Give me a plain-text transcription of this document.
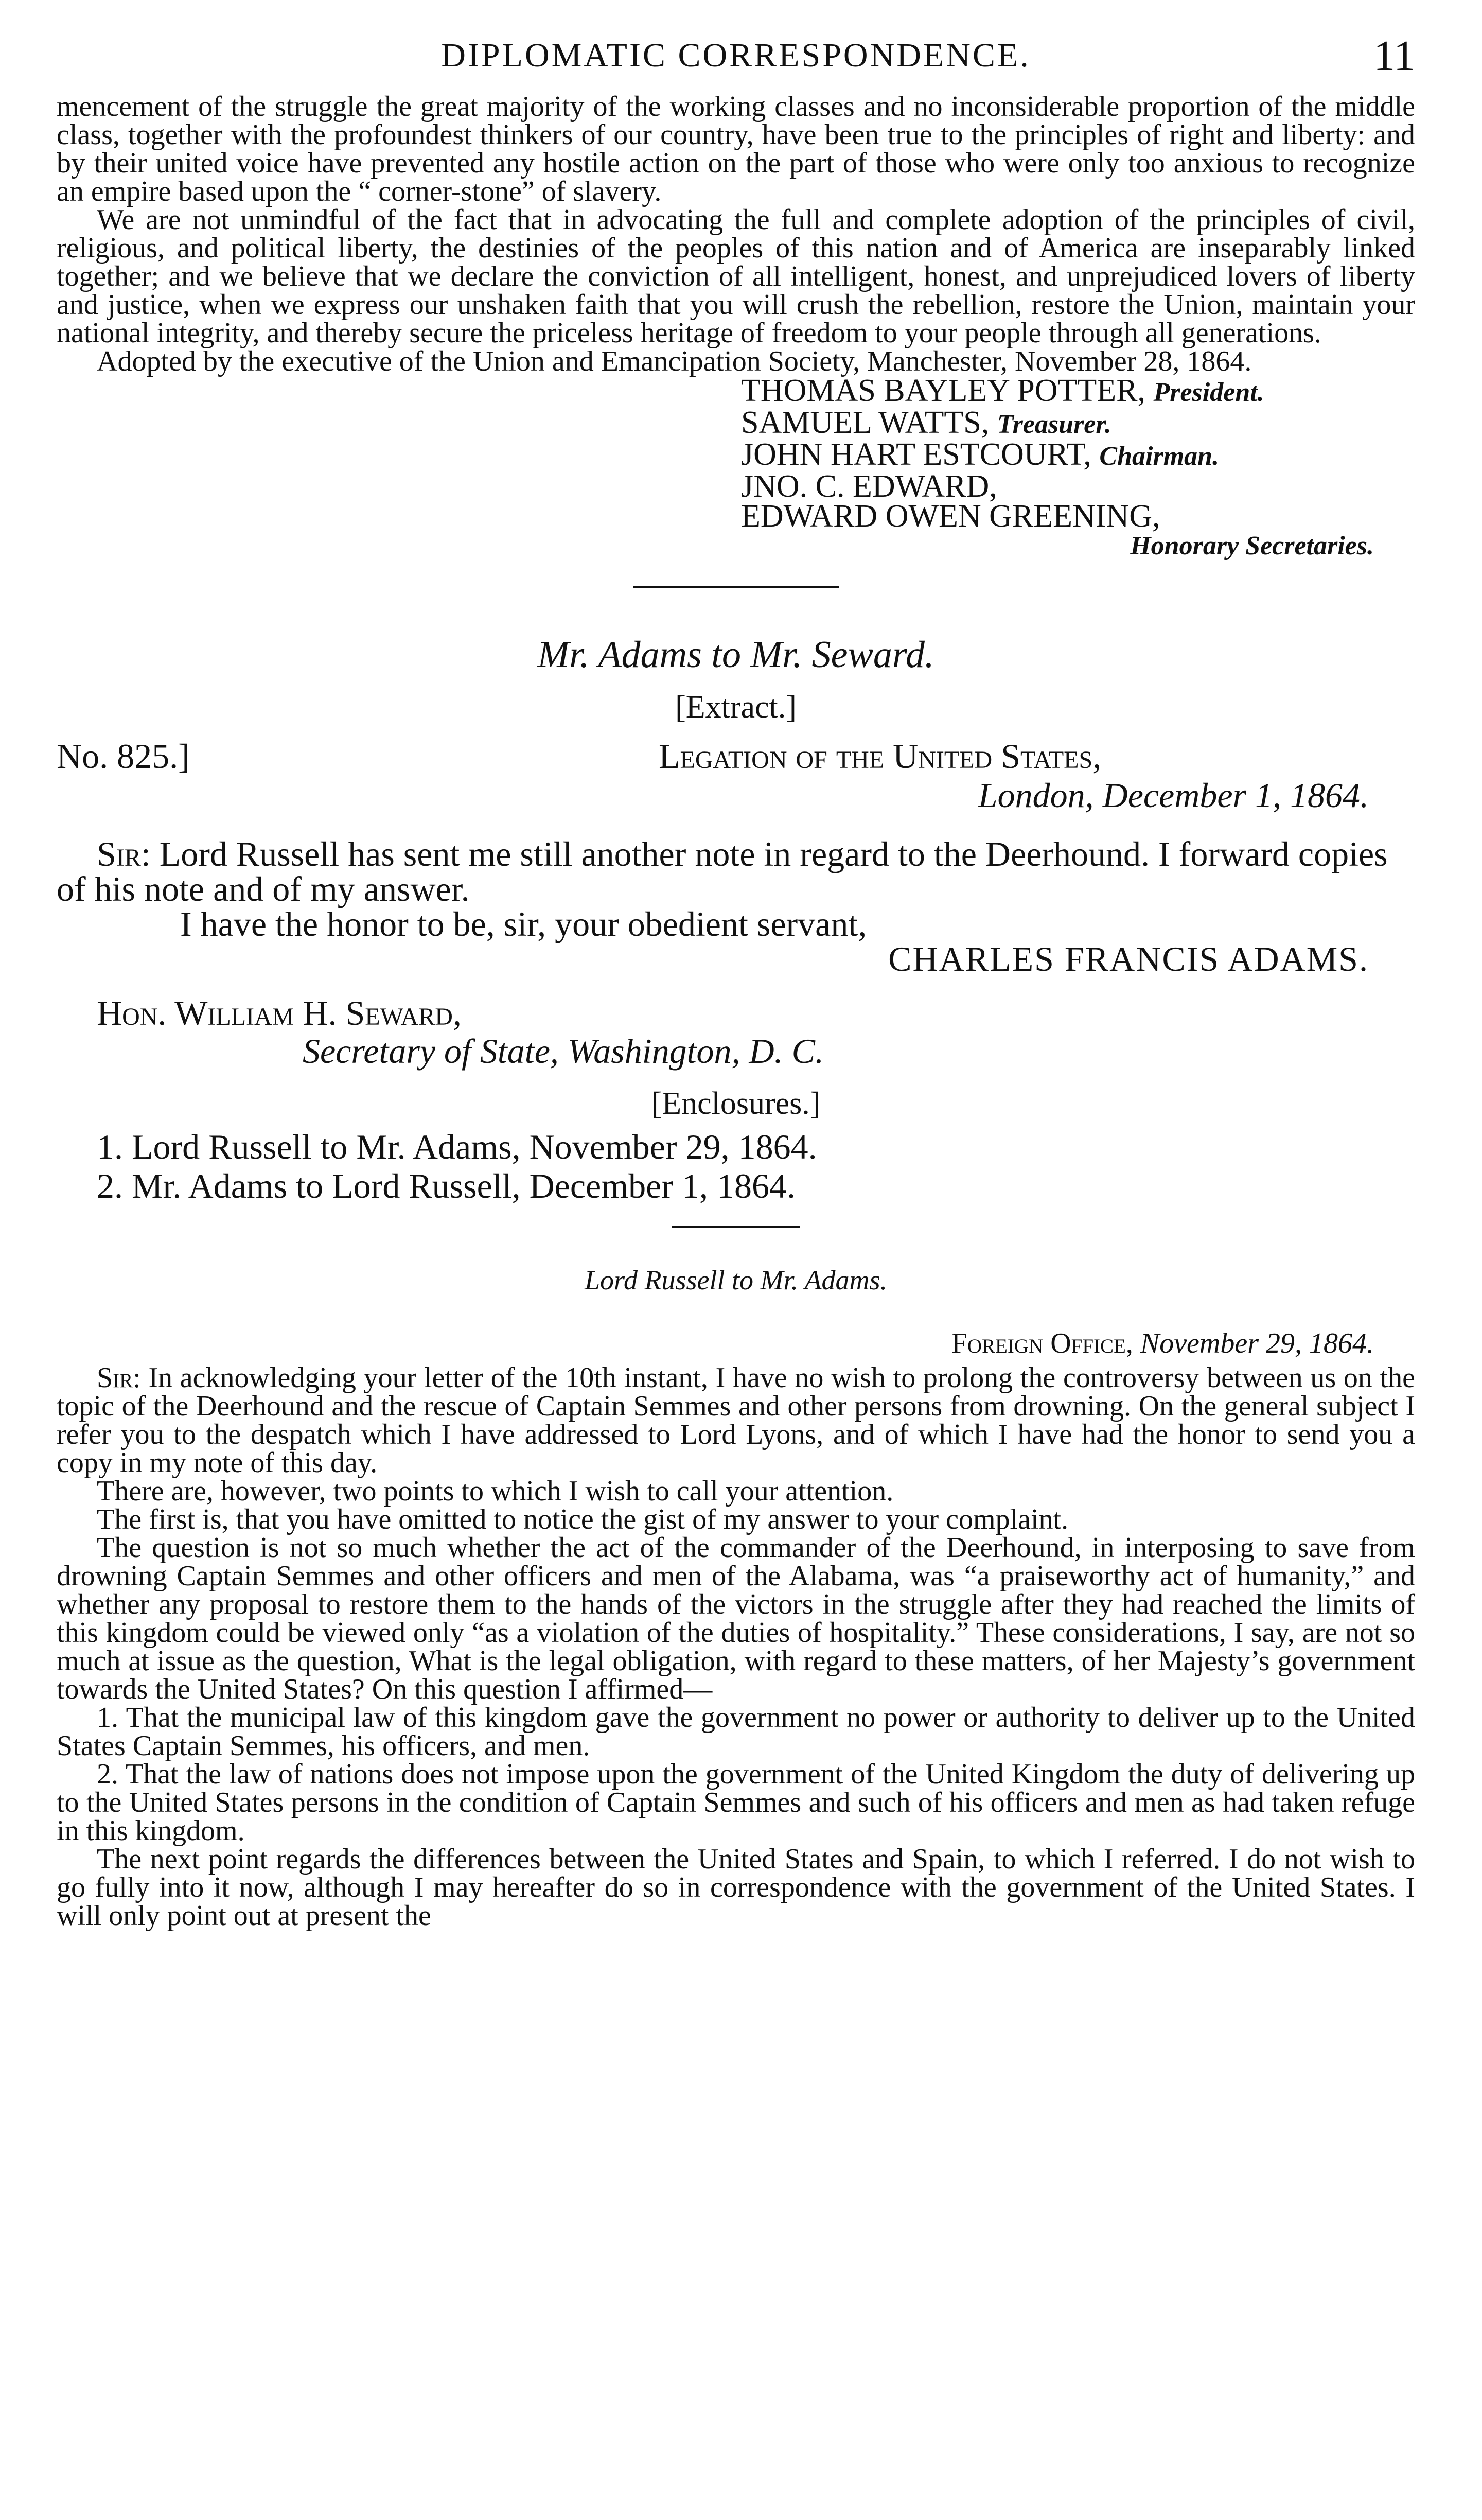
DIPLOMATIC CORRESPONDENCE.	11

mencement of the struggle the great majority of the working classes and no inconsiderable proportion of the middle class, together with the profoundest thinkers of our country, have been true to the principles of right and liberty: and by their united voice have prevented any hostile action on the part of those who were only too anxious to recognize an empire based upon the “ corner-stone” of slavery.

We are not unmindful of the fact that in advocating the full and complete adoption of the principles of civil, religious, and political liberty, the destinies of the peoples of this nation and of America are inseparably linked together; and we believe that we declare the conviction of all intelligent, honest, and unprejudiced lovers of liberty and justice, when we express our unshaken faith that you will crush the rebellion, restore the Union, maintain your national integrity, and thereby secure the priceless heritage of freedom to your people through all generations.

Adopted by the executive of the Union and Emancipation Society, Manchester, November 28, 1864.

THOMAS BAYLEY POTTER, President.
SAMUEL WATTS, Treasurer.
JOHN HART ESTCOURT, Chairman.
JNO. C. EDWARD,
EDWARD OWEN GREENING,
Honorary Secretaries.
Mr. Adams to Mr. Seward.
[Extract.]
No. 825.]	Legation of the United States,
London, December 1, 1864.

Sir: Lord Russell has sent me still another note in regard to the Deerhound. I forward copies of his note and of my answer.

I have the honor to be, sir, your obedient servant,

CHARLES FRANCIS ADAMS.

Hon. William H. Seward,
Secretary of State, Washington, D. C.
[Enclosures.]
1. Lord Russell to Mr. Adams, November 29, 1864.
2. Mr. Adams to Lord Russell, December 1, 1864.
Lord Russell to Mr. Adams.
Foreign Office, November 29, 1864.

Sir: In acknowledging your letter of the 10th instant, I have no wish to prolong the controversy between us on the topic of the Deerhound and the rescue of Captain Semmes and other persons from drowning. On the general subject I refer you to the despatch which I have addressed to Lord Lyons, and of which I have had the honor to send you a copy in my note of this day.

There are, however, two points to which I wish to call your attention.

The first is, that you have omitted to notice the gist of my answer to your complaint.

The question is not so much whether the act of the commander of the Deerhound, in interposing to save from drowning Captain Semmes and other officers and men of the Alabama, was “a praiseworthy act of humanity,” and whether any proposal to restore them to the hands of the victors in the struggle after they had reached the limits of this kingdom could be viewed only “as a violation of the duties of hospitality.” These considerations, I say, are not so much at issue as the question, What is the legal obligation, with regard to these matters, of her Majesty’s government towards the United States? On this question I affirmed—

1. That the municipal law of this kingdom gave the government no power or authority to deliver up to the United States Captain Semmes, his officers, and men.

2. That the law of nations does not impose upon the government of the United Kingdom the duty of delivering up to the United States persons in the condition of Captain Semmes and such of his officers and men as had taken refuge in this kingdom.

The next point regards the differences between the United States and Spain, to which I referred. I do not wish to go fully into it now, although I may hereafter do so in correspondence with the government of the United States. I will only point out at present the
